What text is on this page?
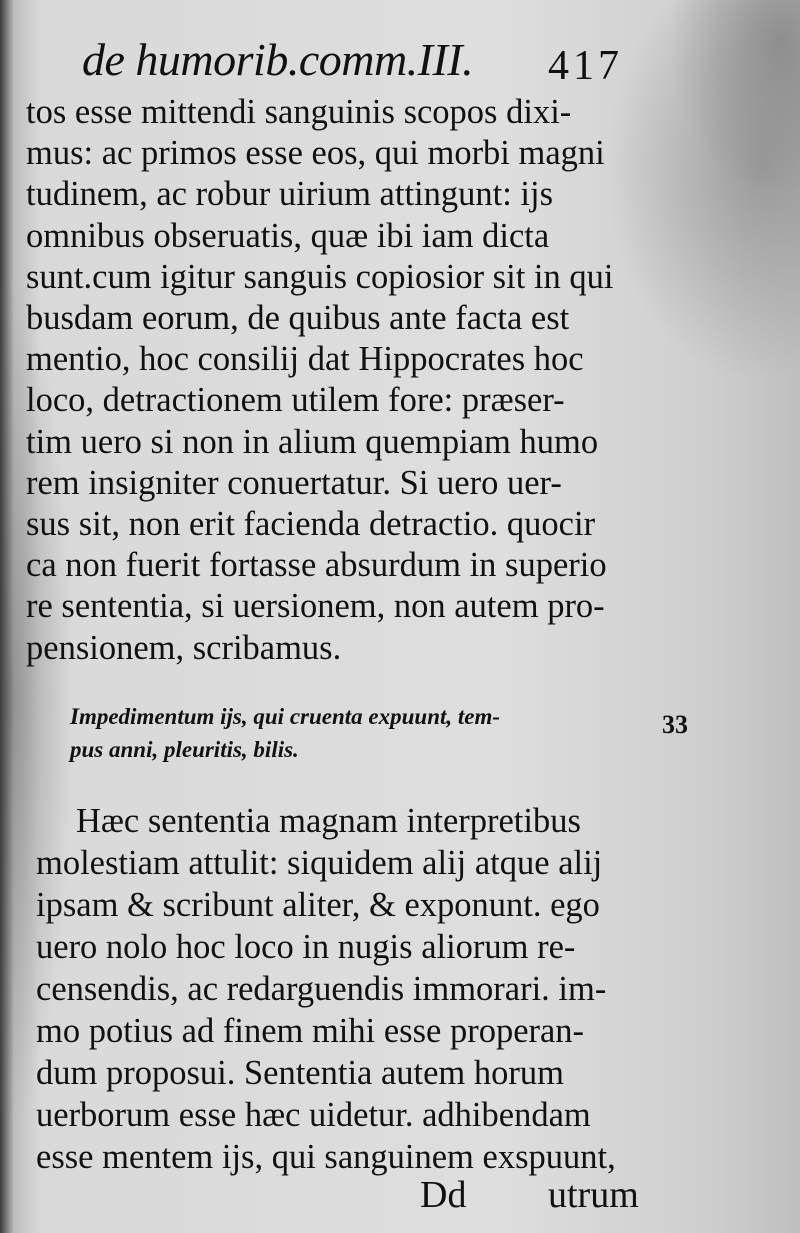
de humorib.comm.III. 417
tos esse mittendi sanguinis scopos dixi-
mus: ac primos esse eos, qui morbi magni
tudinem, ac robur uirium attingunt: ijs
omnibus obseruatis, quæ ibi iam dicta
sunt.cum igitur sanguis copiosior sit in qui
busdam eorum, de quibus ante facta est
mentio, hoc consilij dat Hippocrates hoc
loco, detractionem utilem fore: præser-
tim uero si non in alium quempiam humo
rem insigniter conuertatur. Si uero uer-
sus sit, non erit facienda detractio. quocir
ca non fuerit fortasse absurdum in superio
re sententia, si uersionem, non autem pro-
pensionem, scribamus.
Impedimentum ijs, qui cruenta expuunt, tem-
pus anni, pleuritis, bilis.
33
Hæc sententia magnam interpretibus
molestiam attulit: siquidem alij atque alij
ipsam & scribunt aliter, & exponunt. ego
uero nolo hoc loco in nugis aliorum re-
censendis, ac redarguendis immorari. im-
mo potius ad finem mihi esse properan-
dum proposui. Sententia autem horum
uerborum esse hæc uidetur. adhibendam
esse mentem ijs, qui sanguinem exspuunt,
Dd utrum
